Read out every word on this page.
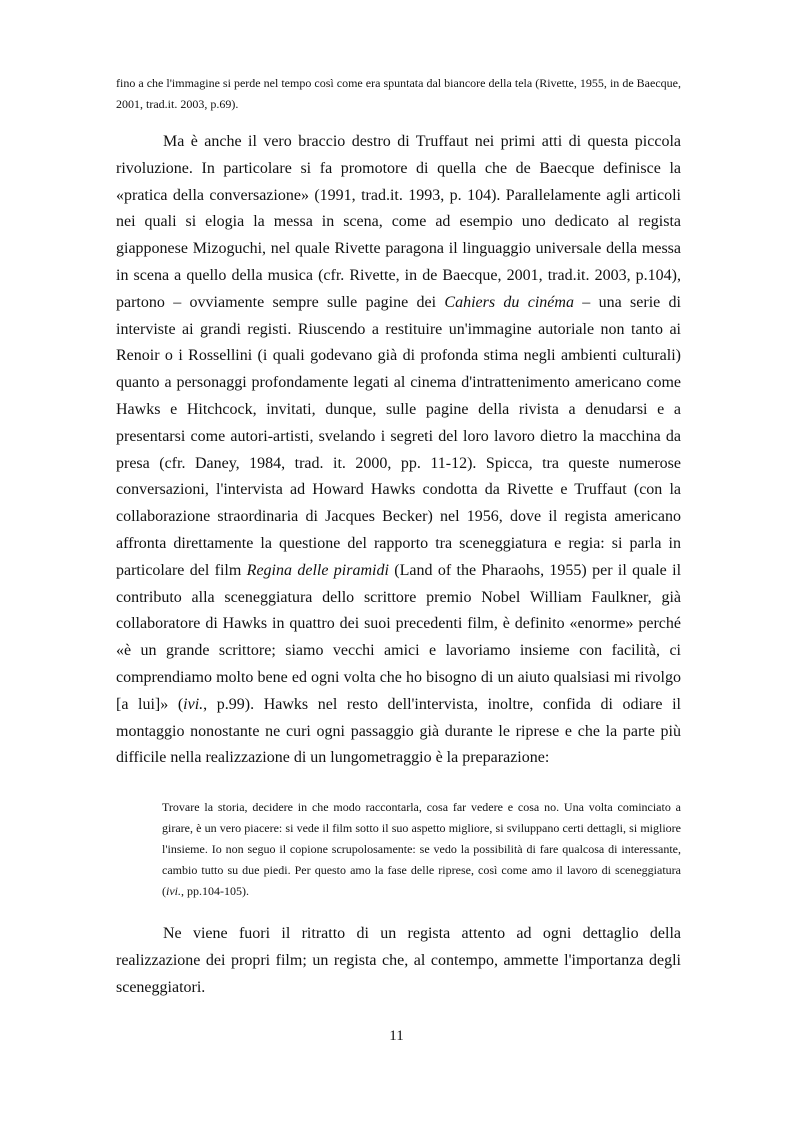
fino a che l'immagine si perde nel tempo così come era spuntata dal biancore della tela (Rivette, 1955, in de Baecque, 2001, trad.it. 2003, p.69).

Ma è anche il vero braccio destro di Truffaut nei primi atti di questa piccola rivoluzione. In particolare si fa promotore di quella che de Baecque definisce la «pratica della conversazione» (1991, trad.it. 1993, p. 104). Parallelamente agli articoli nei quali si elogia la messa in scena, come ad esempio uno dedicato al regista giapponese Mizoguchi, nel quale Rivette paragona il linguaggio universale della messa in scena a quello della musica (cfr. Rivette, in de Baecque, 2001, trad.it. 2003, p.104), partono – ovviamente sempre sulle pagine dei Cahiers du cinéma – una serie di interviste ai grandi registi. Riuscendo a restituire un'immagine autoriale non tanto ai Renoir o i Rossellini (i quali godevano già di profonda stima negli ambienti culturali) quanto a personaggi profondamente legati al cinema d'intrattenimento americano come Hawks e Hitchcock, invitati, dunque, sulle pagine della rivista a denudarsi e a presentarsi come autori-artisti, svelando i segreti del loro lavoro dietro la macchina da presa (cfr. Daney, 1984, trad. it. 2000, pp. 11-12). Spicca, tra queste numerose conversazioni, l'intervista ad Howard Hawks condotta da Rivette e Truffaut (con la collaborazione straordinaria di Jacques Becker) nel 1956, dove il regista americano affronta direttamente la questione del rapporto tra sceneggiatura e regia: si parla in particolare del film Regina delle piramidi (Land of the Pharaohs, 1955) per il quale il contributo alla sceneggiatura dello scrittore premio Nobel William Faulkner, già collaboratore di Hawks in quattro dei suoi precedenti film, è definito «enorme» perché «è un grande scrittore; siamo vecchi amici e lavoriamo insieme con facilità, ci comprendiamo molto bene ed ogni volta che ho bisogno di un aiuto qualsiasi mi rivolgo [a lui]» (ivi., p.99). Hawks nel resto dell'intervista, inoltre, confida di odiare il montaggio nonostante ne curi ogni passaggio già durante le riprese e che la parte più difficile nella realizzazione di un lungometraggio è la preparazione:

Trovare la storia, decidere in che modo raccontarla, cosa far vedere e cosa no. Una volta cominciato a girare, è un vero piacere: si vede il film sotto il suo aspetto migliore, si sviluppano certi dettagli, si migliore l'insieme. Io non seguo il copione scrupolosamente: se vedo la possibilità di fare qualcosa di interessante, cambio tutto su due piedi. Per questo amo la fase delle riprese, così come amo il lavoro di sceneggiatura (ivi., pp.104-105).

Ne viene fuori il ritratto di un regista attento ad ogni dettaglio della realizzazione dei propri film; un regista che, al contempo, ammette l'importanza degli sceneggiatori.

11
